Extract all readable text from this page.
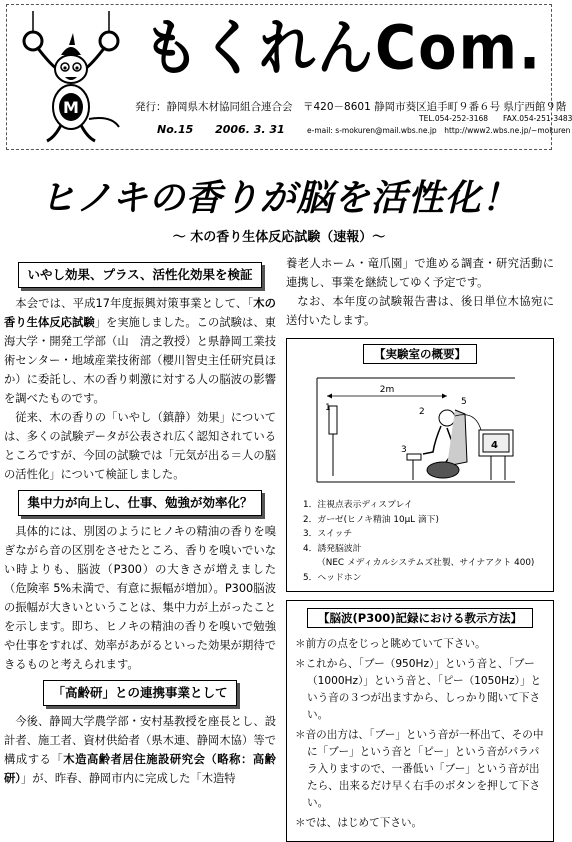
M
もくれんCom.
発行：静岡県木材協同組合連合会　〒420－8601 静岡市葵区追手町９番６号 県庁西館９階
No.15 2006. 3. 31
TEL.054-252-3168　　FAX.054-251-3483
e-mail: s-mokuren@mail.wbs.ne.jp　http://www2.wbs.ne.jp/~mokuren
ヒノキの香りが脳を活性化！
～ 木の香り生体反応試験（速報）～
いやし効果、プラス、活性化効果を検証

本会では、平成17年度振興対策事業として、「木の香り生体反応試験」を実施しました。この試験は、東海大学・開発工学部（山　清之教授）と県静岡工業技術センター・地域産業技術部（櫻川智史主任研究員ほか）に委託し、木の香り刺激に対する人の脳波の影響を調べたものです。

従来、木の香りの「いやし（鎮静）効果」については、多くの試験データが公表され広く認知されているところですが、今回の試験では「元気が出る＝人の脳の活性化」について検証しました。

集中力が向上し、仕事、勉強が効率化？

具体的には、別図のようにヒノキの精油の香りを嗅ぎながら音の区別をさせたところ、香りを嗅いでいない時よりも、脳波（P300）の大きさが増えました（危険率 5%未満で、有意に振幅が増加）。P300脳波の振幅が大きいということは、集中力が上がったことを示します。即ち、ヒノキの精油の香りを嗅いで勉強や仕事をすれば、効率があがるといった効果が期待できるものと考えられます。

「高齢研」との連携事業として

今後、静岡大学農学部・安村基教授を座長とし、設計者、施工者、資材供給者（県木連、静岡木協）等で構成する「木造高齢者居住施設研究会（略称：高齢研）」が、昨春、静岡市内に完成した「木造特

養老人ホーム・竜爪園」で進める調査・研究活動に連携し、事業を継続してゆく予定です。

なお、本年度の試験報告書は、後日単位木協宛に送付いたします。

【実験室の概要】
2m
1	2
3	4
5
1．注視点表示ディスプレイ
2．ガーゼ(ヒノキ精油 10μL 滴下)
3．スイッチ
4．誘発脳波計
（NEC メディカルシステムズ社製、サイナアクト 400)
5．ヘッドホン
【脳波(P300)記録における教示方法】
＊前方の点をじっと眺めていて下さい。
＊これから、「ブー（950Hz）」という音と、「ブー（1000Hz）」という音と、「ピー（1050Hz）」という音の３つが出ますから、しっかり聞いて下さい。
＊音の出方は、「ブー」という音が一杯出て、その中に「ブー」という音と「ピー」という音がパラパラ入りますので、一番低い「ブー」という音が出たら、出来るだけ早く右手のボタンを押して下さい。
＊では、はじめて下さい。
